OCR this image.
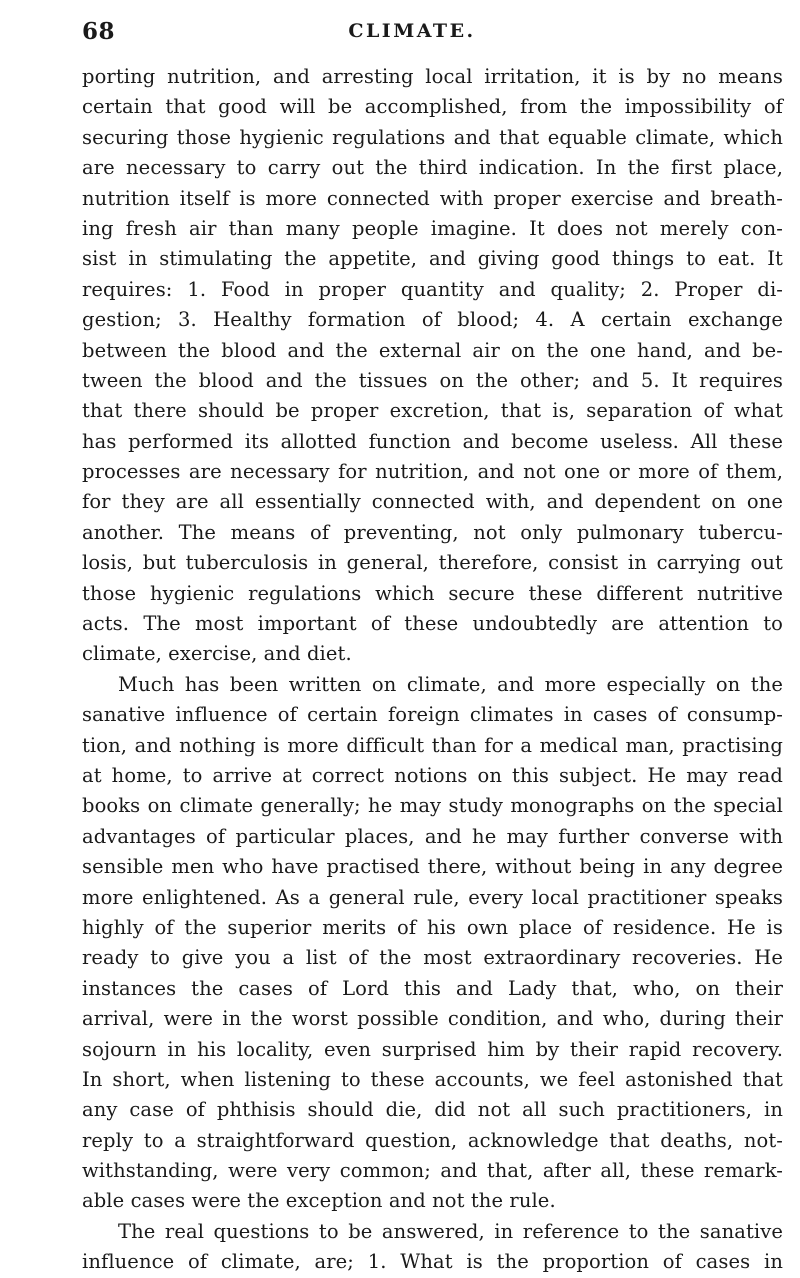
68	CLIMATE.
porting nutrition, and arresting local irritation, it is by no means
certain that good will be accomplished, from the impossibility of
securing those hygienic regulations and that equable climate, which
are necessary to carry out the third indication. In the first place,
nutrition itself is more connected with proper exercise and breath-
ing fresh air than many people imagine. It does not merely con-
sist in stimulating the appetite, and giving good things to eat. It
requires: 1. Food in proper quantity and quality; 2. Proper di-
gestion; 3. Healthy formation of blood; 4. A certain exchange
between the blood and the external air on the one hand, and be-
tween the blood and the tissues on the other; and 5. It requires
that there should be proper excretion, that is, separation of what
has performed its allotted function and become useless. All these
processes are necessary for nutrition, and not one or more of them,
for they are all essentially connected with, and dependent on one
another. The means of preventing, not only pulmonary tubercu-
losis, but tuberculosis in general, therefore, consist in carrying out
those hygienic regulations which secure these different nutritive
acts. The most important of these undoubtedly are attention to
climate, exercise, and diet.
Much has been written on climate, and more especially on the
sanative influence of certain foreign climates in cases of consump-
tion, and nothing is more difficult than for a medical man, practising
at home, to arrive at correct notions on this subject. He may read
books on climate generally; he may study monographs on the special
advantages of particular places, and he may further converse with
sensible men who have practised there, without being in any degree
more enlightened. As a general rule, every local practitioner speaks
highly of the superior merits of his own place of residence. He is
ready to give you a list of the most extraordinary recoveries. He
instances the cases of Lord this and Lady that, who, on their
arrival, were in the worst possible condition, and who, during their
sojourn in his locality, even surprised him by their rapid recovery.
In short, when listening to these accounts, we feel astonished that
any case of phthisis should die, did not all such practitioners, in
reply to a straightforward question, acknowledge that deaths, not-
withstanding, were very common; and that, after all, these remark-
able cases were the exception and not the rule.
The real questions to be answered, in reference to the sanative
influence of climate, are; 1. What is the proportion of cases in
